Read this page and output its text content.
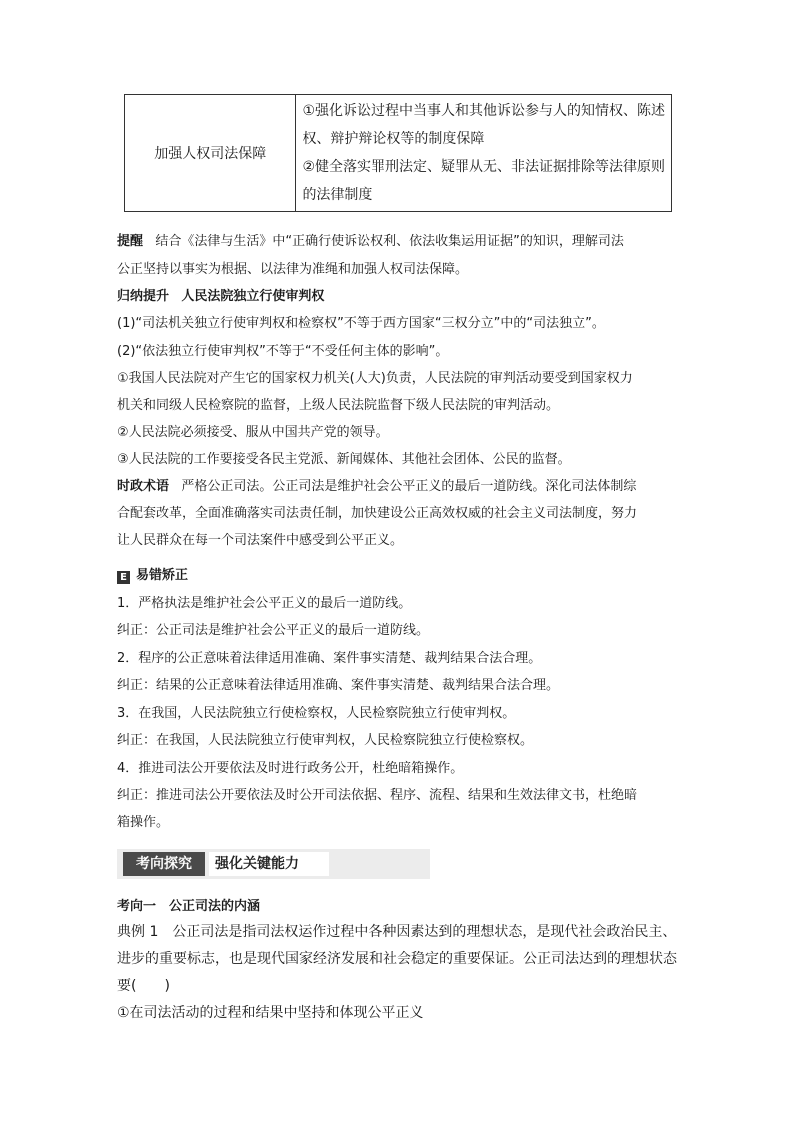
加强人权司法保障	
①强化诉讼过程中当事人和其他诉讼参与人的知情权、陈述
权、辩护辩论权等的制度保障
②健全落实罪刑法定、疑罪从无、非法证据排除等法律原则
的法律制度
提醒 结合《法律与生活》中“正确行使诉讼权利、依法收集运用证据”的知识，理解司法
公正坚持以事实为根据、以法律为准绳和加强人权司法保障。
归纳提升 人民法院独立行使审判权
(1)“司法机关独立行使审判权和检察权”不等于西方国家“三权分立”中的“司法独立”。
(2)“依法独立行使审判权”不等于“不受任何主体的影响”。
①我国人民法院对产生它的国家权力机关(人大)负责，人民法院的审判活动要受到国家权力
机关和同级人民检察院的监督，上级人民法院监督下级人民法院的审判活动。
②人民法院必须接受、服从中国共产党的领导。
③人民法院的工作要接受各民主党派、新闻媒体、其他社会团体、公民的监督。
时政术语 严格公正司法。公正司法是维护社会公平正义的最后一道防线。深化司法体制综
合配套改革，全面准确落实司法责任制，加快建设公正高效权威的社会主义司法制度，努力
让人民群众在每一个司法案件中感受到公平正义。
E 易错矫正
1．严格执法是维护社会公平正义的最后一道防线。
纠正：公正司法是维护社会公平正义的最后一道防线。
2．程序的公正意味着法律适用准确、案件事实清楚、裁判结果合法合理。
纠正：结果的公正意味着法律适用准确、案件事实清楚、裁判结果合法合理。
3．在我国，人民法院独立行使检察权，人民检察院独立行使审判权。
纠正：在我国，人民法院独立行使审判权，人民检察院独立行使检察权。
4．推进司法公开要依法及时进行政务公开，杜绝暗箱操作。
纠正：推进司法公开要依法及时公开司法依据、程序、流程、结果和生效法律文书，杜绝暗
箱操作。
考向探究	强化关键能力
考向一　公正司法的内涵
典例 1　公正司法是指司法权运作过程中各种因素达到的理想状态，是现代社会政治民主、
进步的重要标志，也是现代国家经济发展和社会稳定的重要保证。公正司法达到的理想状态
要(　　)
①在司法活动的过程和结果中坚持和体现公平正义
